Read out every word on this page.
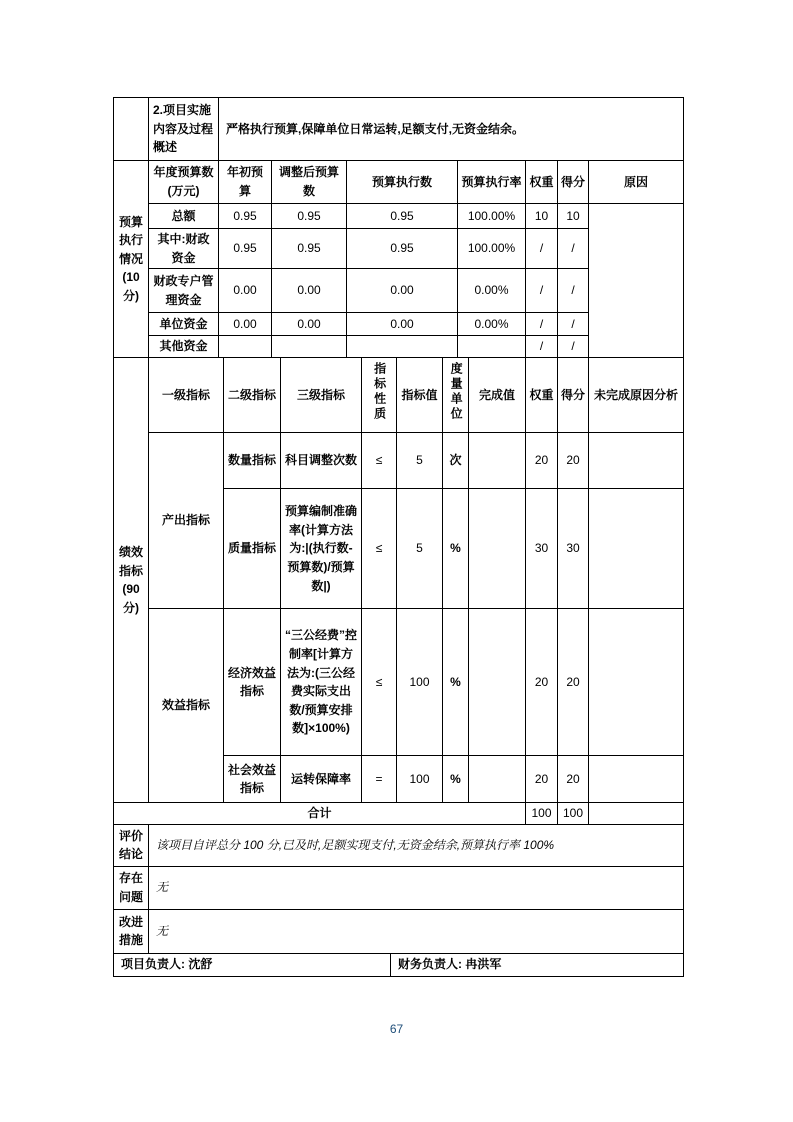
	2.项目实施内容及过程概述	严格执行预算,保障单位日常运转,足额支付,无资金结余。						
预算执行情况(10分)	年度预算数(万元)	年初预算	调整后预算数	预算执行数	预算执行率	权重	得分	原因
	总额	0.95	0.95	0.95	100.00%	10	10	
	其中:财政资金	0.95	0.95	0.95	100.00%	/	/	
	财政专户管理资金	0.00	0.00	0.00	0.00%	/	/	
	单位资金	0.00	0.00	0.00	0.00%	/	/	
	其他资金					/	/	
绩效指标(90分)	一级指标	二级指标	三级指标	指标性质	指标值	度量单位	完成值	权重	得分	未完成原因分析
	产出指标	数量指标	科目调整次数	≤	5	次		20	20	
		质量指标	预算编制准确率(计算方法为:|(执行数-预算数)/预算数|)	≤	5	%		30	30	
	效益指标	经济效益指标	“三公经费”控制率[计算方法为:(三公经费实际支出数/预算安排数]×100%)	≤	100	%		20	20	
		社会效益指标	运转保障率	=	100	%		20	20	
合计								100	100	
评价结论	该项目自评总分 100 分,已及时,足额实现支付,无资金结余,预算执行率 100%
存在问题	无
改进措施	无
项目负责人: 沈舒	财务负责人: 冉洪军
67
